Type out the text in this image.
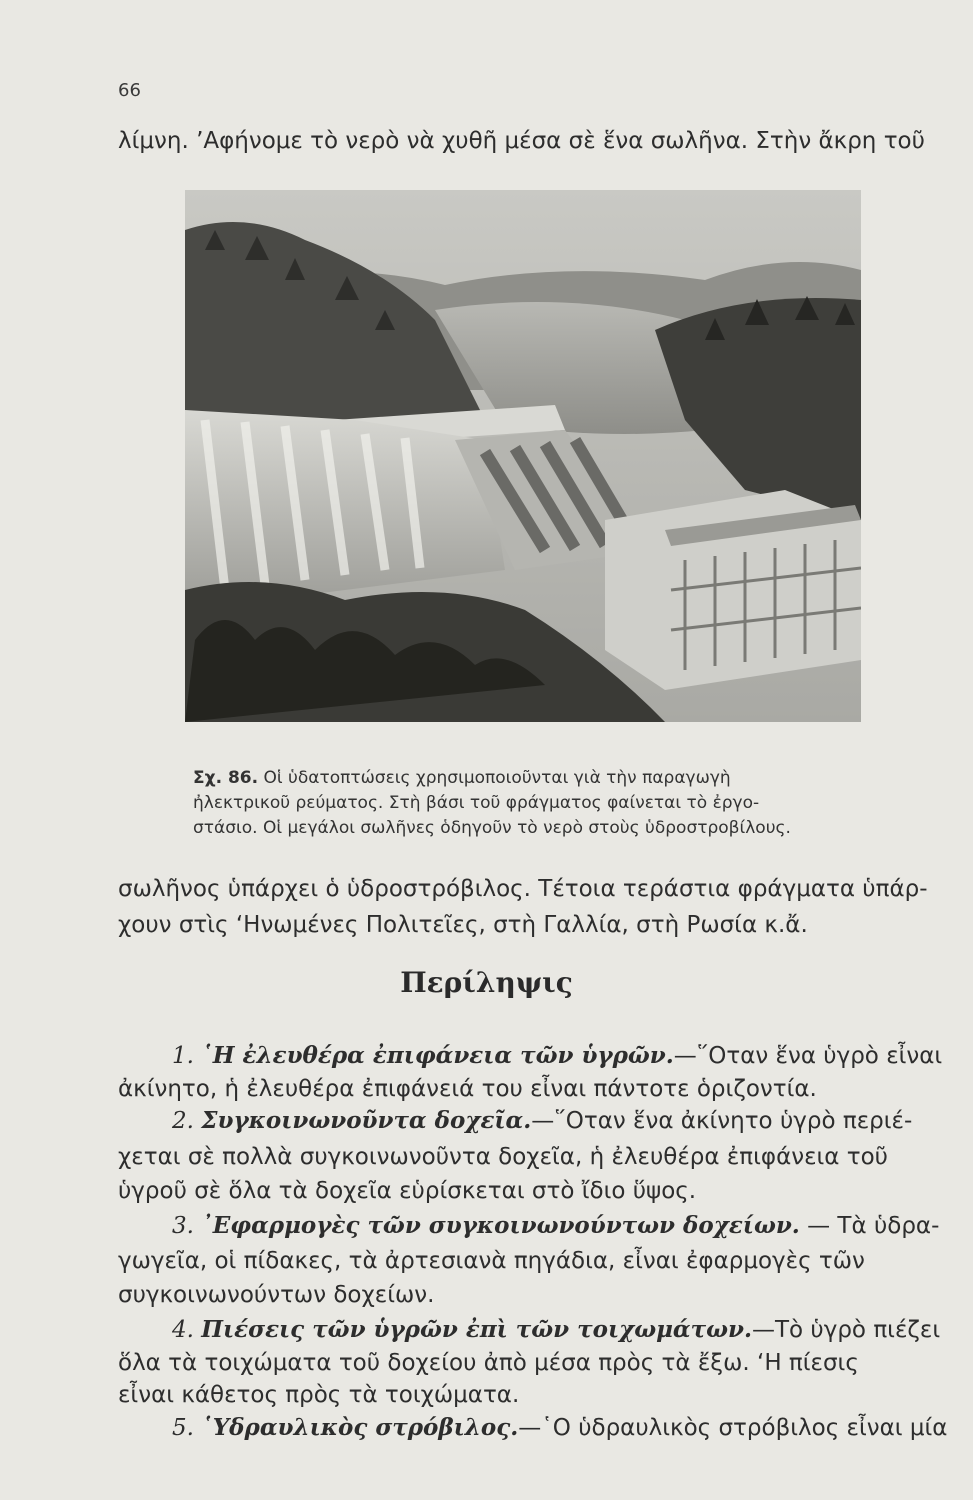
66
λίμνη. ’Αφήνομε τὸ νερὸ νὰ χυθῆ μέσα σὲ ἕνα σωλῆνα. Στὴν ἄκρη τοῦ
Σχ. 86. Οἱ ὑδατοπτώσεις χρησιμοποιοῦνται γιὰ τὴν παραγωγὴ
ἠλεκτρικοῦ ρεύματος. Στὴ βάσι τοῦ φράγματος φαίνεται τὸ ἐργο-
στάσιο. Οἱ μεγάλοι σωλῆνες ὁδηγοῦν τὸ νερὸ στοὺς ὑδροστροβίλους.
σωλῆνος ὑπάρχει ὁ ὑδροστρόβιλος. Τέτοια τεράστια φράγματα ὑπάρ-
χουν στὶς ‘Ηνωμένες Πολιτεῖες, στὴ Γαλλία, στὴ Ρωσία κ.ἄ.
Περίληψις
1. ῾Η ἐλευθέρα ἐπιφάνεια τῶν ὑγρῶν.—῞Οταν ἕνα ὑγρὸ εἶναι
ἀκίνητο, ἡ ἐλευθέρα ἐπιφάνειά του εἶναι πάντοτε ὁριζοντία.
2. Συγκοινωνοῦντα δοχεῖα.—῞Οταν ἕνα ἀκίνητο ὑγρὸ περιέ-
χεται σὲ πολλὰ συγκοινωνοῦντα δοχεῖα, ἡ ἐλευθέρα ἐπιφάνεια τοῦ
ὑγροῦ σὲ ὅλα τὰ δοχεῖα εὑρίσκεται στὸ ἴδιο ὕψος.
3. ᾽Εφαρμογὲς τῶν συγκοινωνούντων δοχείων. — Τὰ ὑδρα-
γωγεῖα, οἱ πίδακες, τὰ ἀρτεσιανὰ πηγάδια, εἶναι ἐφαρμογὲς τῶν
συγκοινωνούντων δοχείων.
4. Πιέσεις τῶν ὑγρῶν ἐπὶ τῶν τοιχωμάτων.—Τὸ ὑγρὸ πιέζει
ὅλα τὰ τοιχώματα τοῦ δοχείου ἀπὸ μέσα πρὸς τὰ ἔξω. ‘Η πίεσις
εἶναι κάθετος πρὸς τὰ τοιχώματα.
5. ῾Υδραυλικὸς στρόβιλος.—῾Ο ὑδραυλικὸς στρόβιλος εἶναι μία
